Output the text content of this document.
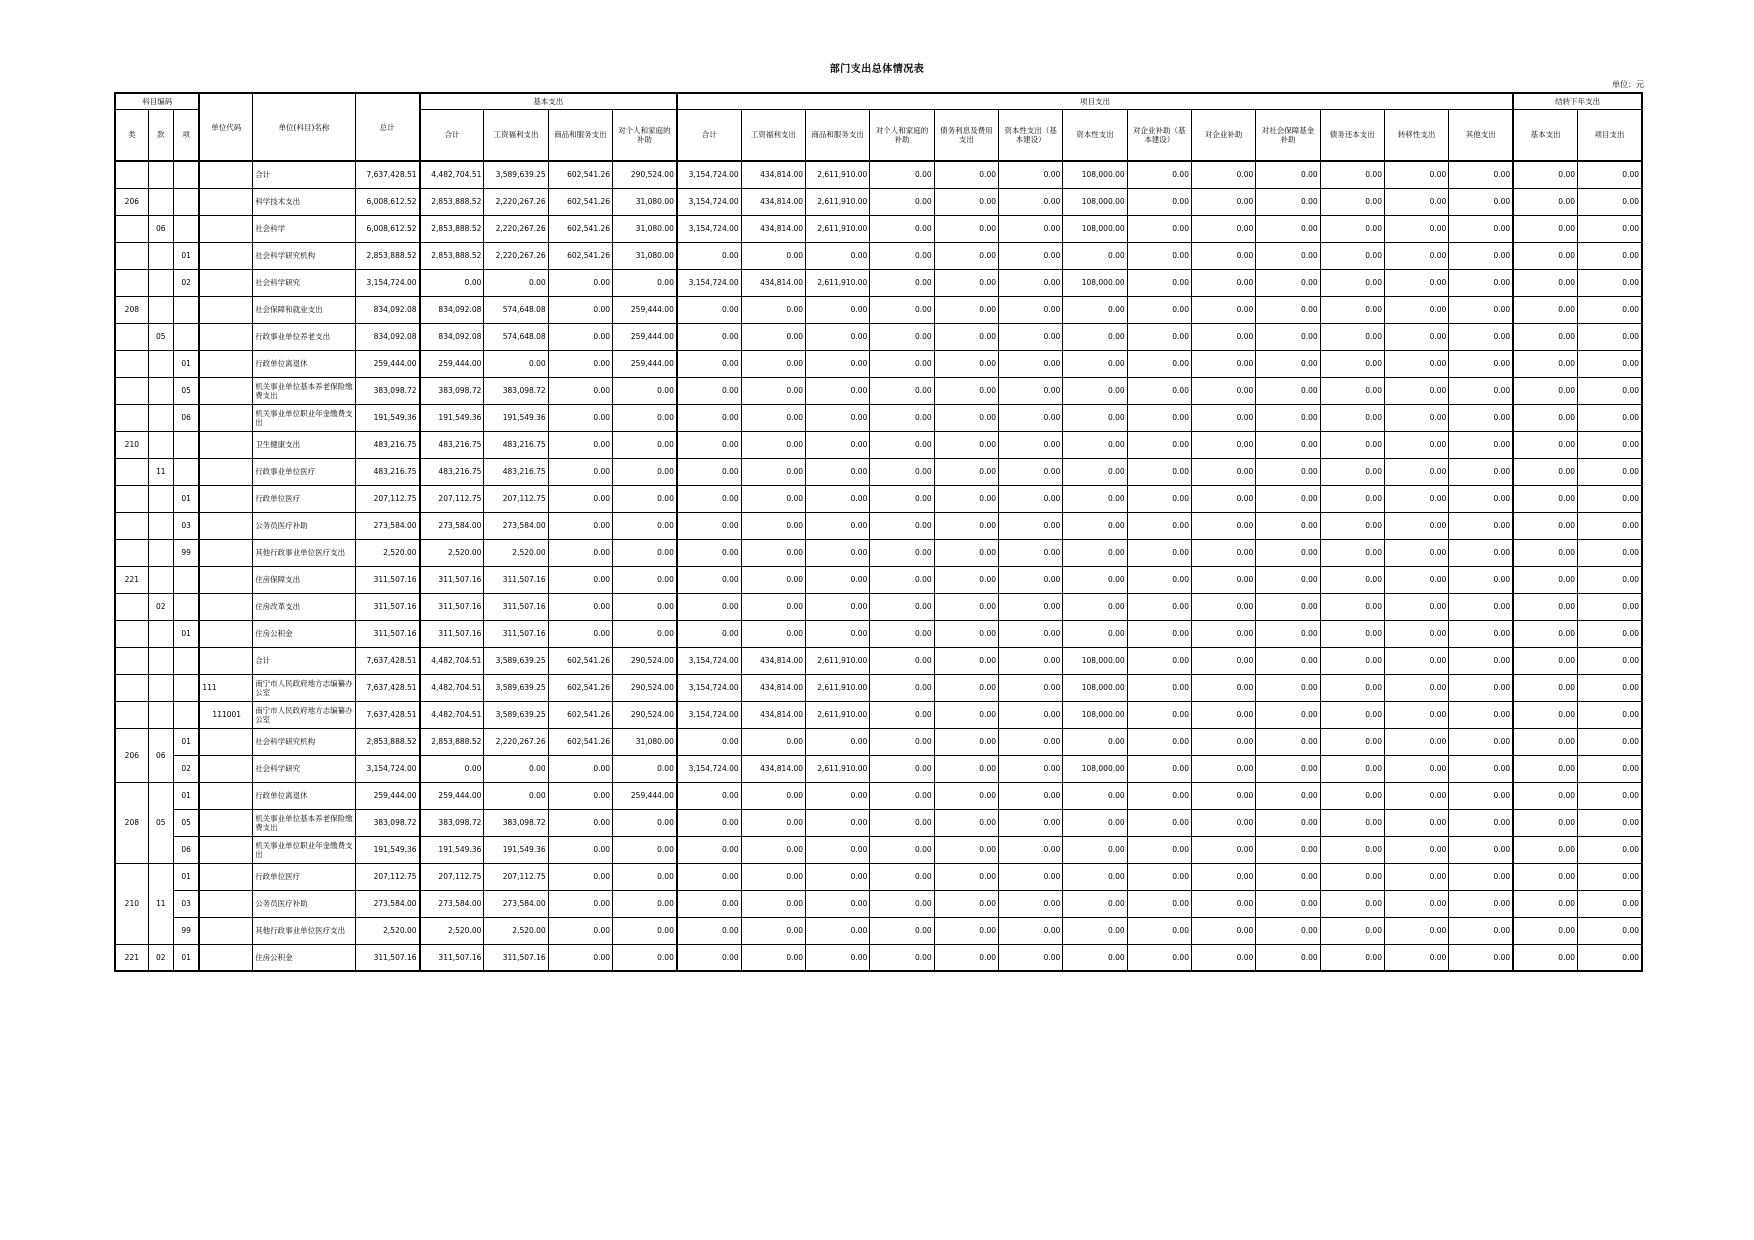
部门支出总体情况表
单位：元
科目编码			单位代码	单位(科目)名称	总计	基本支出				项目支出													结转下年支出	
类	款	项				合计	工资福利支出	商品和服务支出	对个人和家庭的补助	合计	工资福利支出	商品和服务支出	对个人和家庭的补助	债务利息及费用支出	资本性支出（基本建设）	资本性支出	对企业补助（基本建设）	对企业补助	对社会保障基金补助	债务还本支出	转移性支出	其他支出	基本支出	项目支出
				合计	7,637,428.51	4,482,704.51	3,589,639.25	602,541.26	290,524.00	3,154,724.00	434,814.00	2,611,910.00	0.00	0.00	0.00	108,000.00	0.00	0.00	0.00	0.00	0.00	0.00	0.00	0.00
206				科学技术支出	6,008,612.52	2,853,888.52	2,220,267.26	602,541.26	31,080.00	3,154,724.00	434,814.00	2,611,910.00	0.00	0.00	0.00	108,000.00	0.00	0.00	0.00	0.00	0.00	0.00	0.00	0.00
	06			社会科学	6,008,612.52	2,853,888.52	2,220,267.26	602,541.26	31,080.00	3,154,724.00	434,814.00	2,611,910.00	0.00	0.00	0.00	108,000.00	0.00	0.00	0.00	0.00	0.00	0.00	0.00	0.00
		01		社会科学研究机构	2,853,888.52	2,853,888.52	2,220,267.26	602,541.26	31,080.00	0.00	0.00	0.00	0.00	0.00	0.00	0.00	0.00	0.00	0.00	0.00	0.00	0.00	0.00	0.00
		02		社会科学研究	3,154,724.00	0.00	0.00	0.00	0.00	3,154,724.00	434,814.00	2,611,910.00	0.00	0.00	0.00	108,000.00	0.00	0.00	0.00	0.00	0.00	0.00	0.00	0.00
208				社会保障和就业支出	834,092.08	834,092.08	574,648.08	0.00	259,444.00	0.00	0.00	0.00	0.00	0.00	0.00	0.00	0.00	0.00	0.00	0.00	0.00	0.00	0.00	0.00
	05			行政事业单位养老支出	834,092.08	834,092.08	574,648.08	0.00	259,444.00	0.00	0.00	0.00	0.00	0.00	0.00	0.00	0.00	0.00	0.00	0.00	0.00	0.00	0.00	0.00
		01		行政单位离退休	259,444.00	259,444.00	0.00	0.00	259,444.00	0.00	0.00	0.00	0.00	0.00	0.00	0.00	0.00	0.00	0.00	0.00	0.00	0.00	0.00	0.00
		05		机关事业单位基本养老保险缴费支出	383,098.72	383,098.72	383,098.72	0.00	0.00	0.00	0.00	0.00	0.00	0.00	0.00	0.00	0.00	0.00	0.00	0.00	0.00	0.00	0.00	0.00
		06		机关事业单位职业年金缴费支出	191,549.36	191,549.36	191,549.36	0.00	0.00	0.00	0.00	0.00	0.00	0.00	0.00	0.00	0.00	0.00	0.00	0.00	0.00	0.00	0.00	0.00
210				卫生健康支出	483,216.75	483,216.75	483,216.75	0.00	0.00	0.00	0.00	0.00	0.00	0.00	0.00	0.00	0.00	0.00	0.00	0.00	0.00	0.00	0.00	0.00
	11			行政事业单位医疗	483,216.75	483,216.75	483,216.75	0.00	0.00	0.00	0.00	0.00	0.00	0.00	0.00	0.00	0.00	0.00	0.00	0.00	0.00	0.00	0.00	0.00
		01		行政单位医疗	207,112.75	207,112.75	207,112.75	0.00	0.00	0.00	0.00	0.00	0.00	0.00	0.00	0.00	0.00	0.00	0.00	0.00	0.00	0.00	0.00	0.00
		03		公务员医疗补助	273,584.00	273,584.00	273,584.00	0.00	0.00	0.00	0.00	0.00	0.00	0.00	0.00	0.00	0.00	0.00	0.00	0.00	0.00	0.00	0.00	0.00
		99		其他行政事业单位医疗支出	2,520.00	2,520.00	2,520.00	0.00	0.00	0.00	0.00	0.00	0.00	0.00	0.00	0.00	0.00	0.00	0.00	0.00	0.00	0.00	0.00	0.00
221				住房保障支出	311,507.16	311,507.16	311,507.16	0.00	0.00	0.00	0.00	0.00	0.00	0.00	0.00	0.00	0.00	0.00	0.00	0.00	0.00	0.00	0.00	0.00
	02			住房改革支出	311,507.16	311,507.16	311,507.16	0.00	0.00	0.00	0.00	0.00	0.00	0.00	0.00	0.00	0.00	0.00	0.00	0.00	0.00	0.00	0.00	0.00
		01		住房公积金	311,507.16	311,507.16	311,507.16	0.00	0.00	0.00	0.00	0.00	0.00	0.00	0.00	0.00	0.00	0.00	0.00	0.00	0.00	0.00	0.00	0.00
				合计	7,637,428.51	4,482,704.51	3,589,639.25	602,541.26	290,524.00	3,154,724.00	434,814.00	2,611,910.00	0.00	0.00	0.00	108,000.00	0.00	0.00	0.00	0.00	0.00	0.00	0.00	0.00
			111	南宁市人民政府地方志编纂办公室	7,637,428.51	4,482,704.51	3,589,639.25	602,541.26	290,524.00	3,154,724.00	434,814.00	2,611,910.00	0.00	0.00	0.00	108,000.00	0.00	0.00	0.00	0.00	0.00	0.00	0.00	0.00
			111001	南宁市人民政府地方志编纂办公室	7,637,428.51	4,482,704.51	3,589,639.25	602,541.26	290,524.00	3,154,724.00	434,814.00	2,611,910.00	0.00	0.00	0.00	108,000.00	0.00	0.00	0.00	0.00	0.00	0.00	0.00	0.00
206	06	01		社会科学研究机构	2,853,888.52	2,853,888.52	2,220,267.26	602,541.26	31,080.00	0.00	0.00	0.00	0.00	0.00	0.00	0.00	0.00	0.00	0.00	0.00	0.00	0.00	0.00	0.00
		02		社会科学研究	3,154,724.00	0.00	0.00	0.00	0.00	3,154,724.00	434,814.00	2,611,910.00	0.00	0.00	0.00	108,000.00	0.00	0.00	0.00	0.00	0.00	0.00	0.00	0.00
208	05	01		行政单位离退休	259,444.00	259,444.00	0.00	0.00	259,444.00	0.00	0.00	0.00	0.00	0.00	0.00	0.00	0.00	0.00	0.00	0.00	0.00	0.00	0.00	0.00
		05		机关事业单位基本养老保险缴费支出	383,098.72	383,098.72	383,098.72	0.00	0.00	0.00	0.00	0.00	0.00	0.00	0.00	0.00	0.00	0.00	0.00	0.00	0.00	0.00	0.00	0.00
		06		机关事业单位职业年金缴费支出	191,549.36	191,549.36	191,549.36	0.00	0.00	0.00	0.00	0.00	0.00	0.00	0.00	0.00	0.00	0.00	0.00	0.00	0.00	0.00	0.00	0.00
210	11	01		行政单位医疗	207,112.75	207,112.75	207,112.75	0.00	0.00	0.00	0.00	0.00	0.00	0.00	0.00	0.00	0.00	0.00	0.00	0.00	0.00	0.00	0.00	0.00
		03		公务员医疗补助	273,584.00	273,584.00	273,584.00	0.00	0.00	0.00	0.00	0.00	0.00	0.00	0.00	0.00	0.00	0.00	0.00	0.00	0.00	0.00	0.00	0.00
		99		其他行政事业单位医疗支出	2,520.00	2,520.00	2,520.00	0.00	0.00	0.00	0.00	0.00	0.00	0.00	0.00	0.00	0.00	0.00	0.00	0.00	0.00	0.00	0.00	0.00
221	02	01		住房公积金	311,507.16	311,507.16	311,507.16	0.00	0.00	0.00	0.00	0.00	0.00	0.00	0.00	0.00	0.00	0.00	0.00	0.00	0.00	0.00	0.00	0.00
